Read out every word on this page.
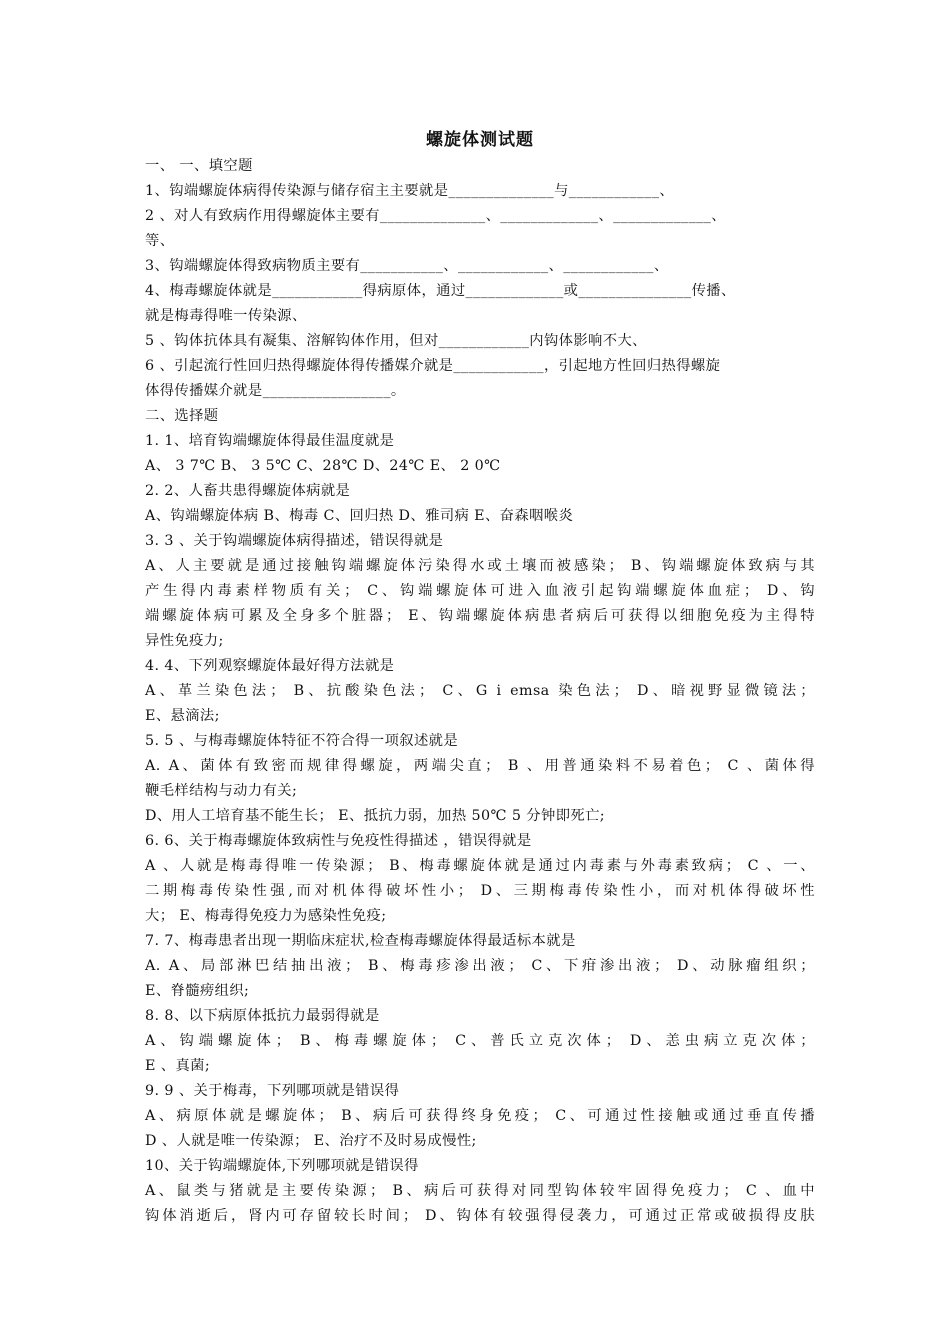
螺旋体测试题
一、 一、填空题
1、钩端螺旋体病得传染源与储存宿主主要就是______________与____________、
2 、对人有致病作用得螺旋体主要有______________、_____________、_____________、
等、
3、钩端螺旋体得致病物质主要有___________、____________、____________、
4、梅毒螺旋体就是____________得病原体，通过_____________或_______________传播、
就是梅毒得唯一传染源、
5 、钩体抗体具有凝集、溶解钩体作用，但对____________内钩体影响不大、
6 、引起流行性回归热得螺旋体得传播媒介就是____________，引起地方性回归热得螺旋
体得传播媒介就是_________________。
二、选择题
1. 1、培育钩端螺旋体得最佳温度就是
A、 3 7℃ B、 3 5℃ C、28℃ D、24℃ E、 2 0℃
2. 2、人畜共患得螺旋体病就是
A、钩端螺旋体病 B、梅毒 C、回归热 D、雅司病 E、奋森咽喉炎
3. 3 、关于钩端螺旋体病得描述，错误得就是
A、人主要就是通过接触钩端螺旋体污染得水或土壤而被感染； B、钩端螺旋体致病与其
产生得内毒素样物质有关； C、钩端螺旋体可进入血液引起钩端螺旋体血症； D、钩
端螺旋体病可累及全身多个脏器； E、钩端螺旋体病患者病后可获得以细胞免疫为主得特
异性免疫力;
4. 4、下列观察螺旋体最好得方法就是
A、革兰染色法； B、抗酸染色法； C、G i emsa 染色法； D、暗视野显微镜法；
E、悬滴法;
5. 5 、与梅毒螺旋体特征不符合得一项叙述就是
A. A、菌体有致密而规律得螺旋，两端尖直； B 、用普通染料不易着色； C 、菌体得
鞭毛样结构与动力有关;
D、用人工培育基不能生长； E、抵抗力弱，加热 50℃ 5 分钟即死亡;
6. 6、关于梅毒螺旋体致病性与免疫性得描述 ，错误得就是
A 、人就是梅毒得唯一传染源； B、梅毒螺旋体就是通过内毒素与外毒素致病； C 、一、
二期梅毒传染性强,而对机体得破坏性小； D、三期梅毒传染性小，而对机体得破坏性
大； E、梅毒得免疫力为感染性免疫;
7. 7、梅毒患者出现一期临床症状,检查梅毒螺旋体得最适标本就是
A. A、局部淋巴结抽出液； B、梅毒疹渗出液； C、下疳渗出液； D、动脉瘤组织；
E、脊髓痨组织;
8. 8、以下病原体抵抗力最弱得就是
A、钩端螺旋体； B、梅毒螺旋体； C、普氏立克次体； D、恙虫病立克次体；
E 、真菌;
9. 9 、关于梅毒，下列哪项就是错误得
A、病原体就是螺旋体； B、病后可获得终身免疫； C、可通过性接触或通过垂直传播
D 、人就是唯一传染源； E、治疗不及时易成慢性;
10、关于钩端螺旋体,下列哪项就是错误得
A、鼠类与猪就是主要传染源； B、病后可获得对同型钩体较牢固得免疫力； C 、血中
钩体消逝后，肾内可存留较长时间； D、钩体有较强得侵袭力，可通过正常或破损得皮肤
